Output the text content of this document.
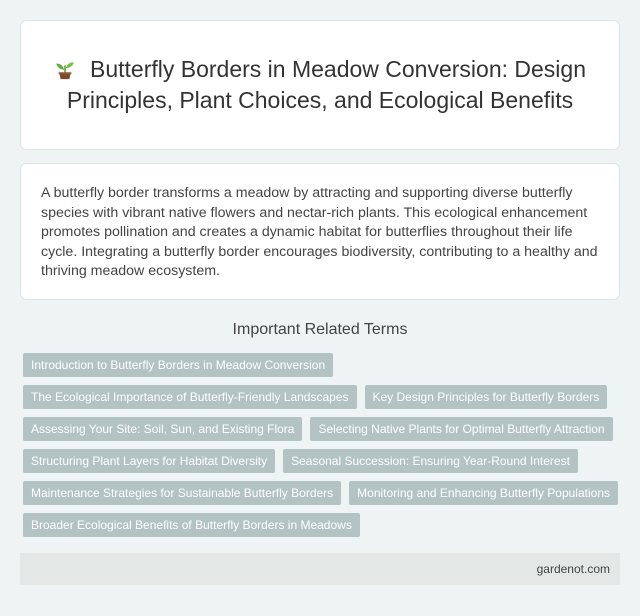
Butterfly Borders in Meadow Conversion: Design Principles, Plant Choices, and Ecological Benefits

A butterfly border transforms a meadow by attracting and supporting diverse butterfly species with vibrant native flowers and nectar-rich plants. This ecological enhancement promotes pollination and creates a dynamic habitat for butterflies throughout their life cycle. Integrating a butterfly border encourages biodiversity, contributing to a healthy and thriving meadow ecosystem.

Important Related Terms
Introduction to Butterfly Borders in Meadow Conversion
The Ecological Importance of Butterfly-Friendly Landscapes	Key Design Principles for Butterfly Borders
Assessing Your Site: Soil, Sun, and Existing Flora	Selecting Native Plants for Optimal Butterfly Attraction
Structuring Plant Layers for Habitat Diversity	Seasonal Succession: Ensuring Year-Round Interest
Maintenance Strategies for Sustainable Butterfly Borders	Monitoring and Enhancing Butterfly Populations
Broader Ecological Benefits of Butterfly Borders in Meadows
gardenot.com
